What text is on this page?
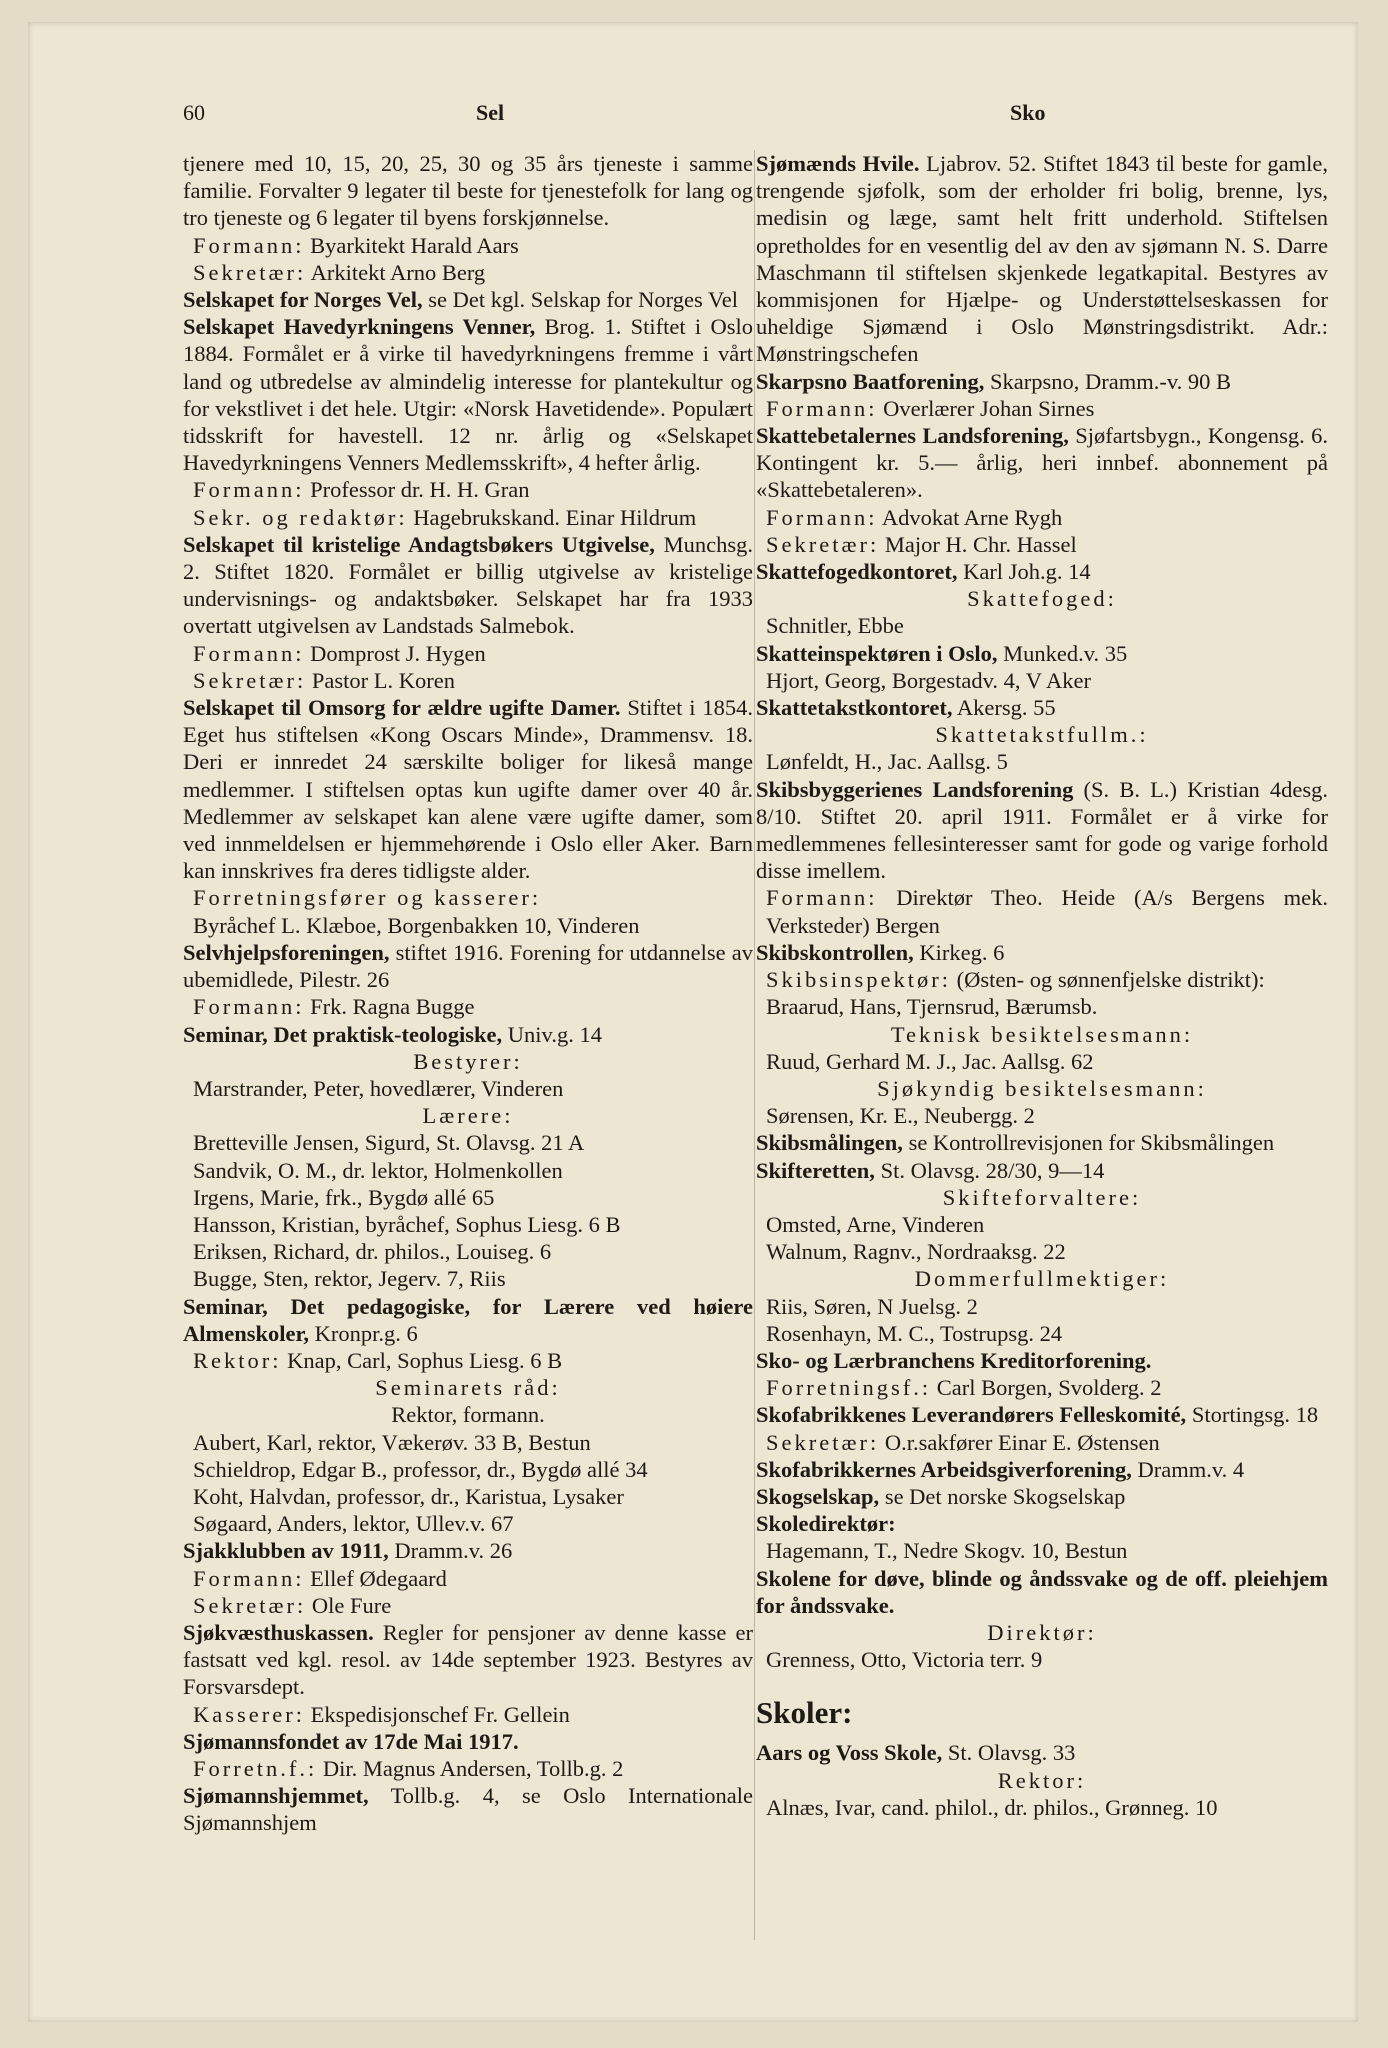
60	Sel	Sko
tjenere med 10, 15, 20, 25, 30 og 35 års tjeneste i samme familie. Forvalter 9 legater til beste for tjenestefolk for lang og tro tjeneste og 6 legater til byens forskjønnelse.
Formann: Byarkitekt Harald Aars
Sekretær: Arkitekt Arno Berg
Selskapet for Norges Vel, se Det kgl. Selskap for Norges Vel
Selskapet Havedyrkningens Venner, Brog. 1. Stiftet i Oslo 1884. Formålet er å virke til havedyrkningens fremme i vårt land og utbredelse av almindelig interesse for plantekultur og for vekstlivet i det hele. Utgir: «Norsk Havetidende». Populært tidsskrift for havestell. 12 nr. årlig og «Selskapet Havedyrkningens Venners Medlemsskrift», 4 hefter årlig.
Formann: Professor dr. H. H. Gran
Sekr. og redaktør: Hagebrukskand. Einar Hildrum
Selskapet til kristelige Andagtsbøkers Utgivelse, Munchsg. 2. Stiftet 1820. Formålet er billig utgivelse av kristelige undervisnings- og andaktsbøker. Selskapet har fra 1933 overtatt utgivelsen av Landstads Salmebok.
Formann: Domprost J. Hygen
Sekretær: Pastor L. Koren
Selskapet til Omsorg for ældre ugifte Damer. Stiftet i 1854. Eget hus stiftelsen «Kong Oscars Minde», Drammensv. 18. Deri er innredet 24 særskilte boliger for likeså mange medlemmer. I stiftelsen optas kun ugifte damer over 40 år. Medlemmer av selskapet kan alene være ugifte damer, som ved innmeldelsen er hjemmehørende i Oslo eller Aker. Barn kan innskrives fra deres tidligste alder.
Forretningsfører og kasserer:
Byråchef L. Klæboe, Borgenbakken 10, Vinderen
Selvhjelpsforeningen, stiftet 1916. Forening for utdannelse av ubemidlede, Pilestr. 26
Formann: Frk. Ragna Bugge
Seminar, Det praktisk-teologiske, Univ.g. 14
Bestyrer:
Marstrander, Peter, hovedlærer, Vinderen
Lærere:
Bretteville Jensen, Sigurd, St. Olavsg. 21 A
Sandvik, O. M., dr. lektor, Holmenkollen
Irgens, Marie, frk., Bygdø allé 65
Hansson, Kristian, byråchef, Sophus Liesg. 6 B
Eriksen, Richard, dr. philos., Louiseg. 6
Bugge, Sten, rektor, Jegerv. 7, Riis
Seminar, Det pedagogiske, for Lærere ved høiere Almenskoler, Kronpr.g. 6
Rektor: Knap, Carl, Sophus Liesg. 6 B
Seminarets råd:
Rektor, formann.
Aubert, Karl, rektor, Vækerøv. 33 B, Bestun
Schieldrop, Edgar B., professor, dr., Bygdø allé 34
Koht, Halvdan, professor, dr., Karistua, Lysaker
Søgaard, Anders, lektor, Ullev.v. 67
Sjakklubben av 1911, Dramm.v. 26
Formann: Ellef Ødegaard
Sekretær: Ole Fure
Sjøkvæsthuskassen. Regler for pensjoner av denne kasse er fastsatt ved kgl. resol. av 14de september 1923. Bestyres av Forsvarsdept.
Kasserer: Ekspedisjonschef Fr. Gellein
Sjømannsfondet av 17de Mai 1917.
Forretn.f.: Dir. Magnus Andersen, Tollb.g. 2
Sjømannshjemmet, Tollb.g. 4, se Oslo Internationale Sjømannshjem
Sjømænds Hvile. Ljabrov. 52. Stiftet 1843 til beste for gamle, trengende sjøfolk, som der erholder fri bolig, brenne, lys, medisin og læge, samt helt fritt underhold. Stiftelsen opretholdes for en vesentlig del av den av sjømann N. S. Darre Maschmann til stiftelsen skjenkede legatkapital. Bestyres av kommisjonen for Hjælpe- og Understøttelseskassen for uheldige Sjømænd i Oslo Mønstringsdistrikt. Adr.: Mønstringschefen
Skarpsno Baatforening, Skarpsno, Dramm.-v. 90 B
Formann: Overlærer Johan Sirnes
Skattebetalernes Landsforening, Sjøfartsbygn., Kongensg. 6. Kontingent kr. 5.— årlig, heri innbef. abonnement på «Skattebetaleren».
Formann: Advokat Arne Rygh
Sekretær: Major H. Chr. Hassel
Skattefogedkontoret, Karl Joh.g. 14
Skattefoged:
Schnitler, Ebbe
Skatteinspektøren i Oslo, Munked.v. 35
Hjort, Georg, Borgestadv. 4, V Aker
Skattetakstkontoret, Akersg. 55
Skattetakstfullm.:
Lønfeldt, H., Jac. Aallsg. 5
Skibsbyggerienes Landsforening (S. B. L.) Kristian 4desg. 8/10. Stiftet 20. april 1911. Formålet er å virke for medlemmenes fellesinteresser samt for gode og varige forhold disse imellem.
Formann: Direktør Theo. Heide (A/s Bergens mek. Verksteder) Bergen
Skibskontrollen, Kirkeg. 6
Skibsinspektør: (Østen- og sønnenfjelske distrikt):
Braarud, Hans, Tjernsrud, Bærumsb.
Teknisk besiktelsesmann:
Ruud, Gerhard M. J., Jac. Aallsg. 62
Sjøkyndig besiktelsesmann:
Sørensen, Kr. E., Neubergg. 2
Skibsmålingen, se Kontrollrevisjonen for Skibsmålingen
Skifteretten, St. Olavsg. 28/30, 9—14
Skifteforvaltere:
Omsted, Arne, Vinderen
Walnum, Ragnv., Nordraaksg. 22
Dommerfullmektiger:
Riis, Søren, N Juelsg. 2
Rosenhayn, M. C., Tostrupsg. 24
Sko- og Lærbranchens Kreditorforening.
Forretningsf.: Carl Borgen, Svolderg. 2
Skofabrikkenes Leverandørers Felleskomité, Stortingsg. 18
Sekretær: O.r.sakfører Einar E. Østensen
Skofabrikkernes Arbeidsgiverforening, Dramm.v. 4
Skogselskap, se Det norske Skogselskap
Skoledirektør:
Hagemann, T., Nedre Skogv. 10, Bestun
Skolene for døve, blinde og åndssvake og de off. pleiehjem for åndssvake.
Direktør:
Grenness, Otto, Victoria terr. 9
Skoler:
Aars og Voss Skole, St. Olavsg. 33
Rektor:
Alnæs, Ivar, cand. philol., dr. philos., Grønneg. 10
